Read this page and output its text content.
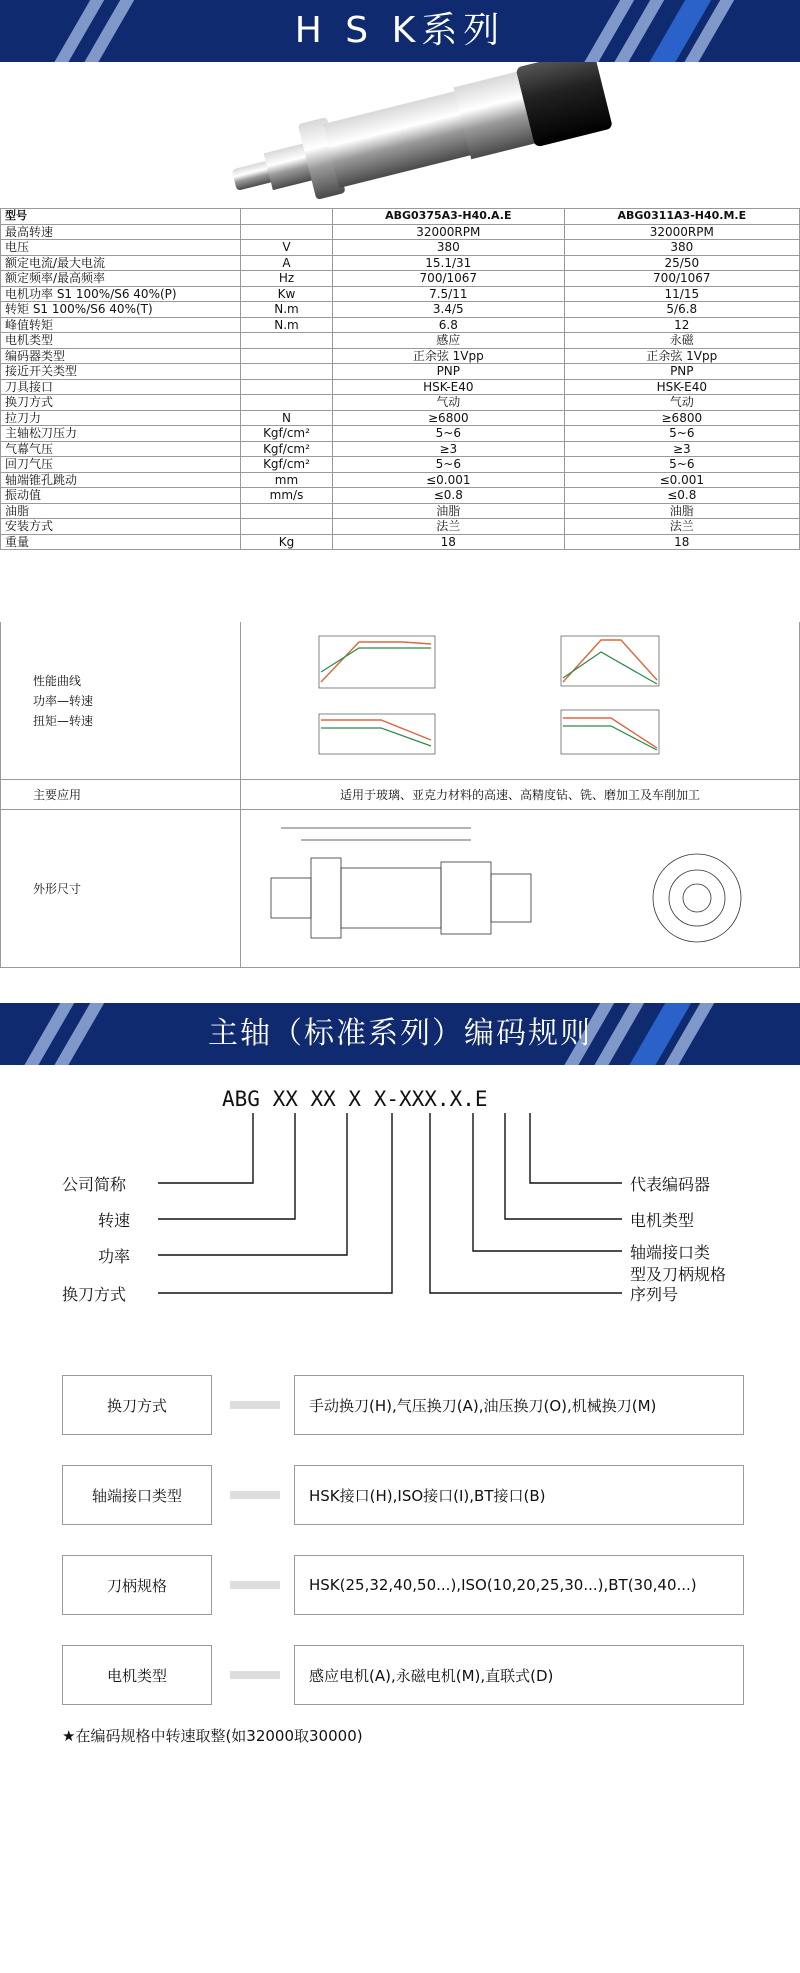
H S K系列
型号		ABG0375A3-H40.A.E	ABG0311A3-H40.M.E
最高转速		32000RPM	32000RPM
电压	V	380	380
额定电流/最大电流	A	15.1/31	25/50
额定频率/最高频率	Hz	700/1067	700/1067
电机功率 S1 100%/S6 40%(P)	Kw	7.5/11	11/15
转矩 S1 100%/S6 40%(T)	N.m	3.4/5	5/6.8
峰值转矩	N.m	6.8	12
电机类型		感应	永磁
编码器类型		正余弦 1Vpp	正余弦 1Vpp
接近开关类型		PNP	PNP
刀具接口		HSK-E40	HSK-E40
换刀方式		气动	气动
拉刀力	N	≥6800	≥6800
主轴松刀压力	Kgf/cm²	5~6	5~6
气幕气压	Kgf/cm²	≥3	≥3
回刀气压	Kgf/cm²	5~6	5~6
轴端锥孔跳动	mm	≤0.001	≤0.001
振动值	mm/s	≤0.8	≤0.8
油脂		油脂	油脂
安装方式		法兰	法兰
重量	Kg	18	18
性能曲线
功率—转速
扭矩—转速
主要应用	适用于玻璃、亚克力材料的高速、高精度钻、铣、磨加工及车削加工
外形尺寸
主轴（标准系列）编码规则
ABG XX XX X X-XXX.X.E
公司简称
转速
功率
换刀方式
代表编码器
电机类型
轴端接口类
型及刀柄规格
序列号
换刀方式	手动换刀(H),气压换刀(A),油压换刀(O),机械换刀(M)
轴端接口类型	HSK接口(H),ISO接口(I),BT接口(B)
刀柄规格	HSK(25,32,40,50...),ISO(10,20,25,30...),BT(30,40...)
电机类型	感应电机(A),永磁电机(M),直联式(D)
★在编码规格中转速取整(如32000取30000)
